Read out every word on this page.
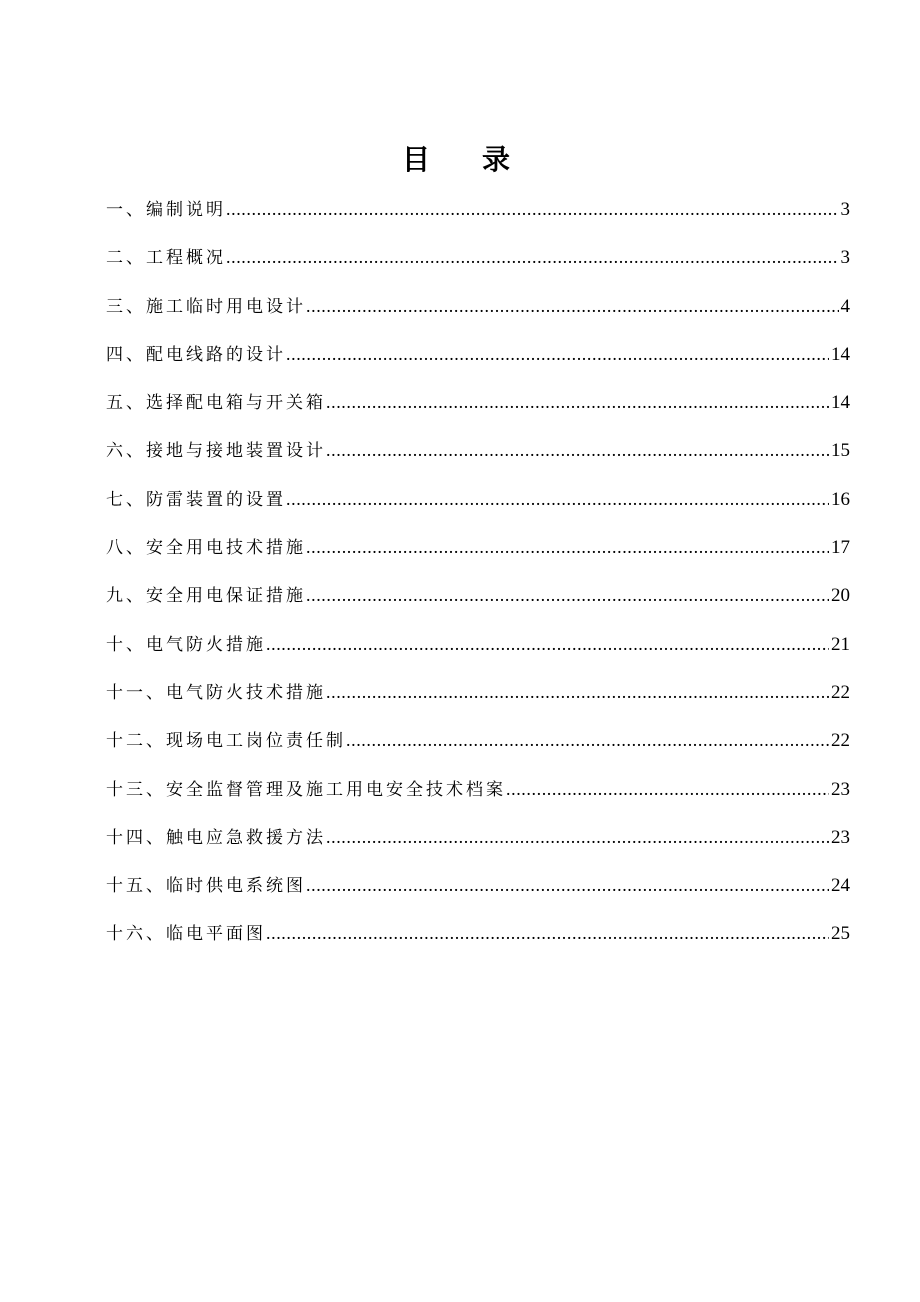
目录
一、编制说明 .....	3
二、工程概况 .....	3
三、施工临时用电设计 .....	4
四、配电线路的设计 .....	14
五、选择配电箱与开关箱 .....	14
六、接地与接地装置设计 .....	15
七、防雷装置的设置 .....	16
八、安全用电技术措施 .....	17
九、安全用电保证措施 .....	20
十、电气防火措施 .....	21
十一、电气防火技术措施 .....	22
十二、现场电工岗位责任制 .....	22
十三、安全监督管理及施工用电安全技术档案 .....	23
十四、触电应急救援方法 .....	23
十五、临时供电系统图 .....	24
十六、临电平面图 .....	25
